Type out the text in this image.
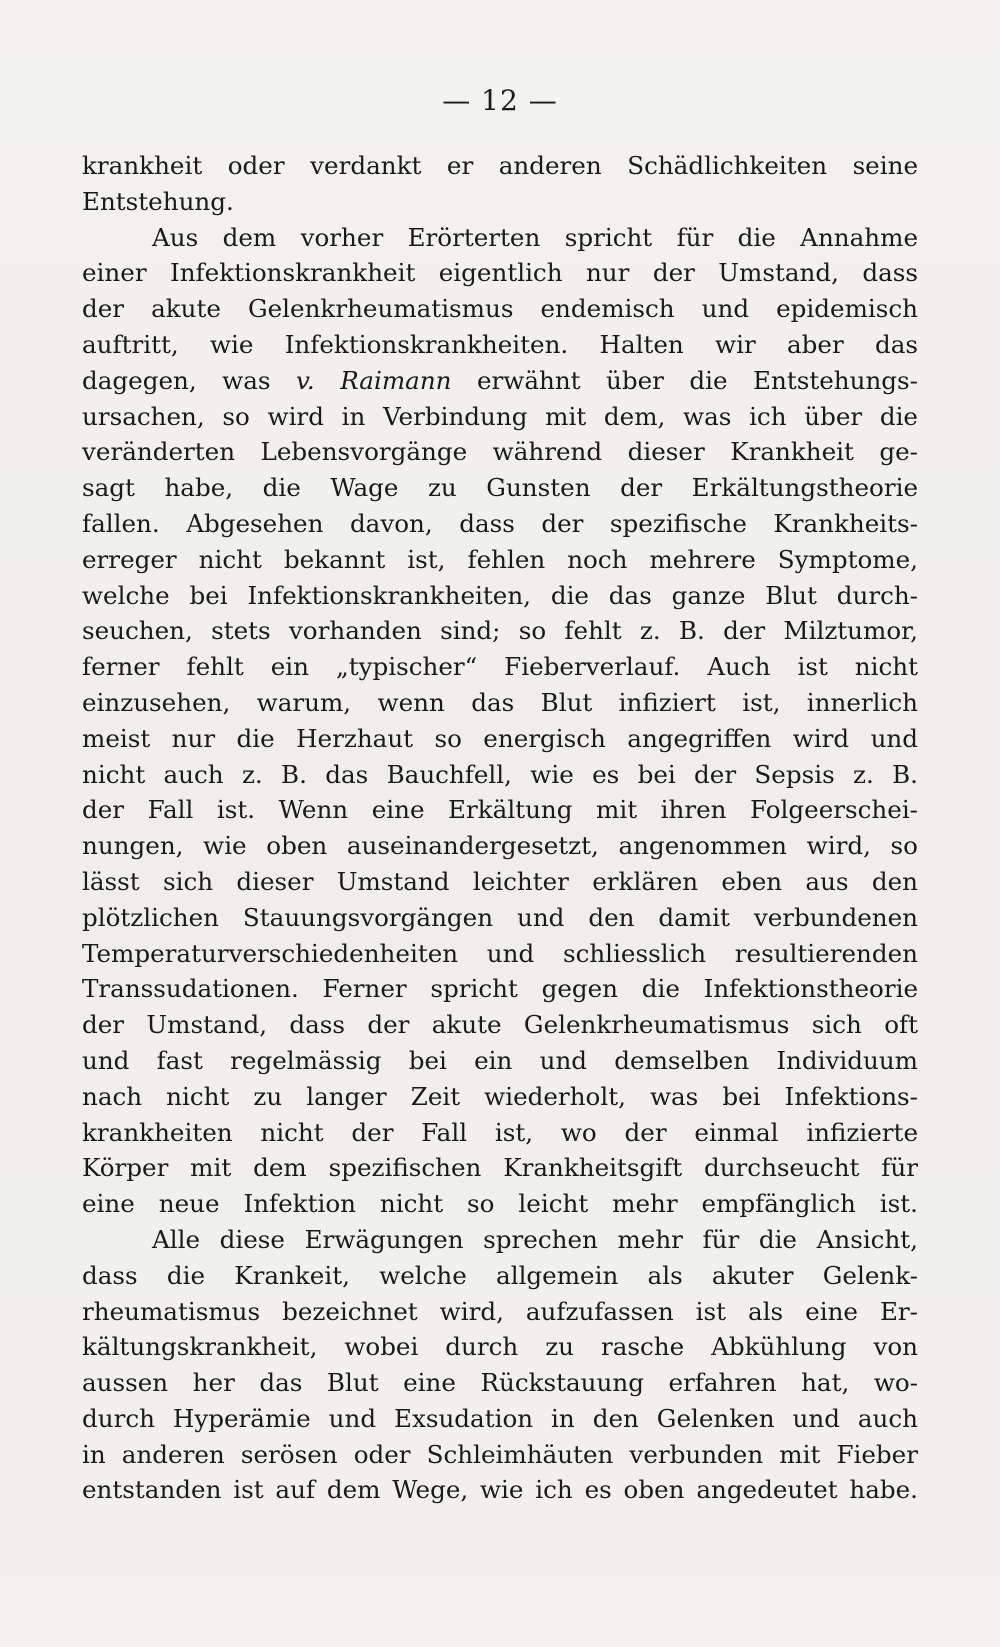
— 12 —
krankheit oder verdankt er anderen Schädlichkeiten seine
Entstehung.
Aus dem vorher Erörterten spricht für die Annahme
einer Infektionskrankheit eigentlich nur der Umstand, dass
der akute Gelenkrheumatismus endemisch und epidemisch
auftritt, wie Infektionskrankheiten. Halten wir aber das
dagegen, was v. Raimann erwähnt über die Entstehungs-
ursachen, so wird in Verbindung mit dem, was ich über die
veränderten Lebensvorgänge während dieser Krankheit ge-
sagt habe, die Wage zu Gunsten der Erkältungstheorie
fallen. Abgesehen davon, dass der spezifische Krankheits-
erreger nicht bekannt ist, fehlen noch mehrere Symptome,
welche bei Infektionskrankheiten, die das ganze Blut durch-
seuchen, stets vorhanden sind; so fehlt z. B. der Milztumor,
ferner fehlt ein „typischer“ Fieberverlauf. Auch ist nicht
einzusehen, warum, wenn das Blut infiziert ist, innerlich
meist nur die Herzhaut so energisch angegriffen wird und
nicht auch z. B. das Bauchfell, wie es bei der Sepsis z. B.
der Fall ist. Wenn eine Erkältung mit ihren Folgeerschei-
nungen, wie oben auseinandergesetzt, angenommen wird, so
lässt sich dieser Umstand leichter erklären eben aus den
plötzlichen Stauungsvorgängen und den damit verbundenen
Temperaturverschiedenheiten und schliesslich resultierenden
Transsudationen. Ferner spricht gegen die Infektionstheorie
der Umstand, dass der akute Gelenkrheumatismus sich oft
und fast regelmässig bei ein und demselben Individuum
nach nicht zu langer Zeit wiederholt, was bei Infektions-
krankheiten nicht der Fall ist, wo der einmal infizierte
Körper mit dem spezifischen Krankheitsgift durchseucht für
eine neue Infektion nicht so leicht mehr empfänglich ist.
Alle diese Erwägungen sprechen mehr für die Ansicht,
dass die Krankeit, welche allgemein als akuter Gelenk-
rheumatismus bezeichnet wird, aufzufassen ist als eine Er-
kältungskrankheit, wobei durch zu rasche Abkühlung von
aussen her das Blut eine Rückstauung erfahren hat, wo-
durch Hyperämie und Exsudation in den Gelenken und auch
in anderen serösen oder Schleimhäuten verbunden mit Fieber
entstanden ist auf dem Wege, wie ich es oben angedeutet habe.
